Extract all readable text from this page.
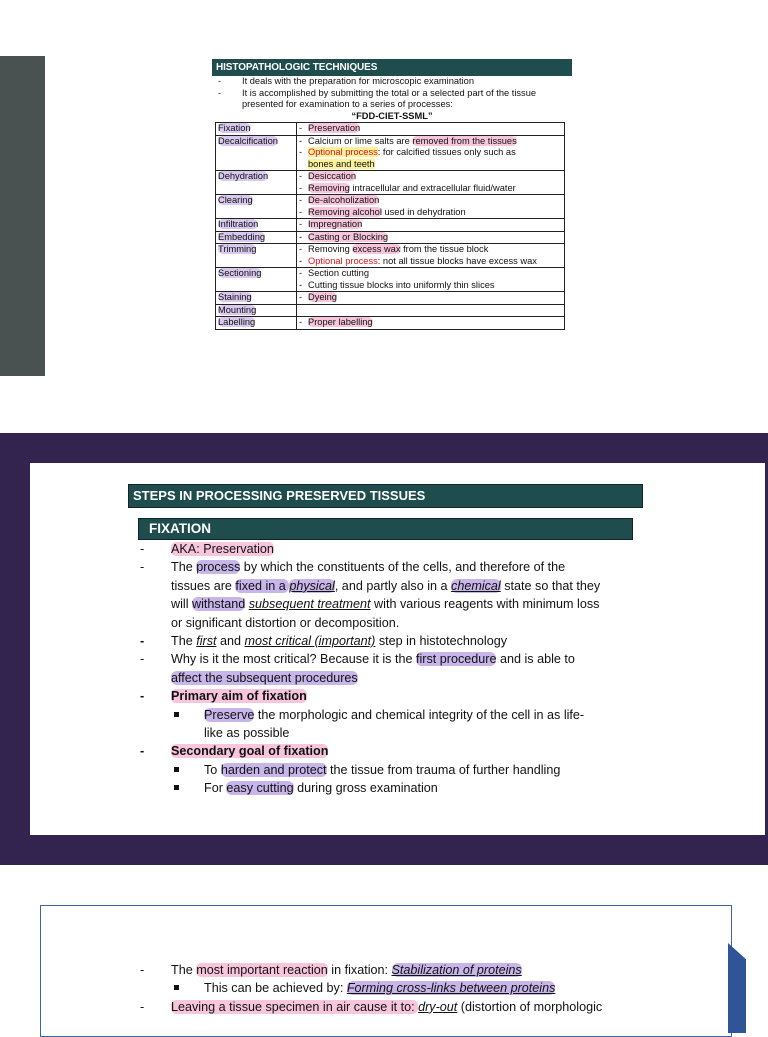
HISTOPATHOLOGIC TECHNIQUES
- It deals with the preparation for microscopic examination
- It is accomplished by submitting the total or a selected part of the tissue
presented for examination to a series of processes:
“FDD-CIET-SSML”
Fixation	- Preservation
Decalcification	- Calcium or lime salts are removed from the tissues
- Optional process: for calcified tissues only such as
bones and teeth

Dehydration	- Desiccation
- Removing intracellular and extracellular fluid/water

Clearing	- De-alcoholization
- Removing alcohol used in dehydration

Infiltration	- Impregnation
Embedding	- Casting or Blocking
Trimming	- Removing excess wax from the tissue block
- Optional process: not all tissue blocks have excess wax

Sectioning	- Section cutting
- Cutting tissue blocks into uniformly thin slices

Staining	- Dyeing
Mounting	
Labelling	- Proper labelling
STEPS IN PROCESSING PRESERVED TISSUES
FIXATION
- AKA: Preservation
- The process by which the constituents of the cells, and therefore of the
tissues are fixed in a physical, and partly also in a chemical state so that they
will withstand subsequent treatment with various reagents with minimum loss
or significant distortion or decomposition.
- The first and most critical (important) step in histotechnology
- Why is it the most critical? Because it is the first procedure and is able to
affect the subsequent procedures
- Primary aim of fixation
Preserve the morphologic and chemical integrity of the cell in as life-
like as possible
- Secondary goal of fixation
To harden and protect the tissue from trauma of further handling
For easy cutting during gross examination
- The most important reaction in fixation: Stabilization of proteins
This can be achieved by: Forming cross-links between proteins
- Leaving a tissue specimen in air cause it to: dry-out (distortion of morphologic
